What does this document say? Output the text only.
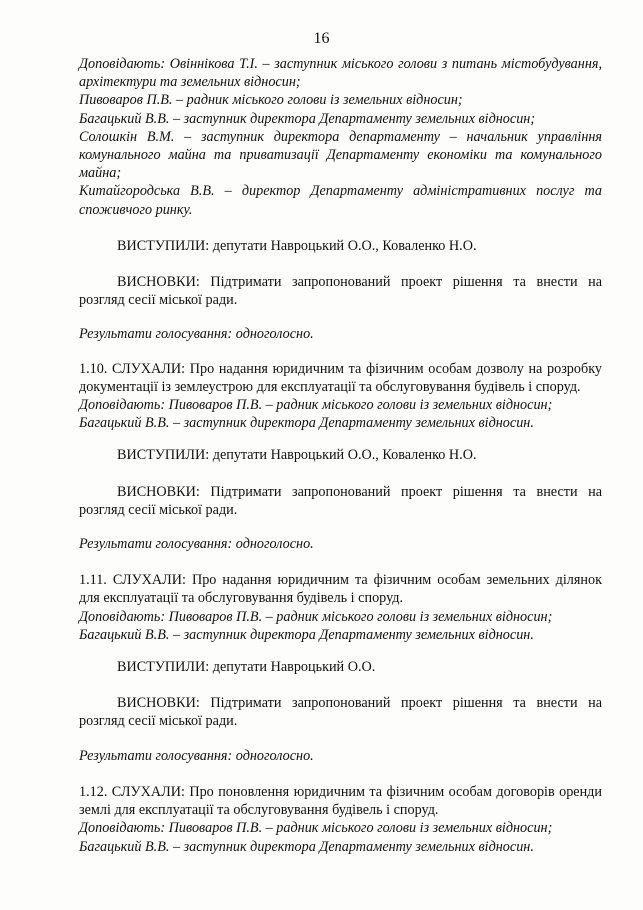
16

Доповідають: Овіннікова Т.І. – заступник міського голови з питань містобудування, архітектури та земельних відносин;

Пивоваров П.В. – радник міського голови із земельних відносин;

Багацький В.В. – заступник директора Департаменту земельних відносин;

Солошкін В.М. – заступник директора департаменту – начальник управління комунального майна та приватизації Департаменту економіки та комунального майна;

Китайгородська В.В. – директор Департаменту адміністративних послуг та споживчого ринку.

ВИСТУПИЛИ: депутати Навроцький О.О., Коваленко Н.О.

ВИСНОВКИ: Підтримати запропонований проект рішення та внести на розгляд сесії міської ради.

Результати голосування: одноголосно.

1.10. СЛУХАЛИ: Про надання юридичним та фізичним особам дозволу на розробку документації із землеустрою для експлуатації та обслуговування будівель і споруд.

Доповідають: Пивоваров П.В. – радник міського голови із земельних відносин;

Багацький В.В. – заступник директора Департаменту земельних відносин.

ВИСТУПИЛИ: депутати Навроцький О.О., Коваленко Н.О.

ВИСНОВКИ: Підтримати запропонований проект рішення та внести на розгляд сесії міської ради.

Результати голосування: одноголосно.

1.11. СЛУХАЛИ: Про надання юридичним та фізичним особам земельних ділянок для експлуатації та обслуговування будівель і споруд.

Доповідають: Пивоваров П.В. – радник міського голови із земельних відносин;

Багацький В.В. – заступник директора Департаменту земельних відносин.

ВИСТУПИЛИ: депутати Навроцький О.О.

ВИСНОВКИ: Підтримати запропонований проект рішення та внести на розгляд сесії міської ради.

Результати голосування: одноголосно.

1.12. СЛУХАЛИ: Про поновлення юридичним та фізичним особам договорів оренди землі для експлуатації та обслуговування будівель і споруд.

Доповідають: Пивоваров П.В. – радник міського голови із земельних відносин;

Багацький В.В. – заступник директора Департаменту земельних відносин.
